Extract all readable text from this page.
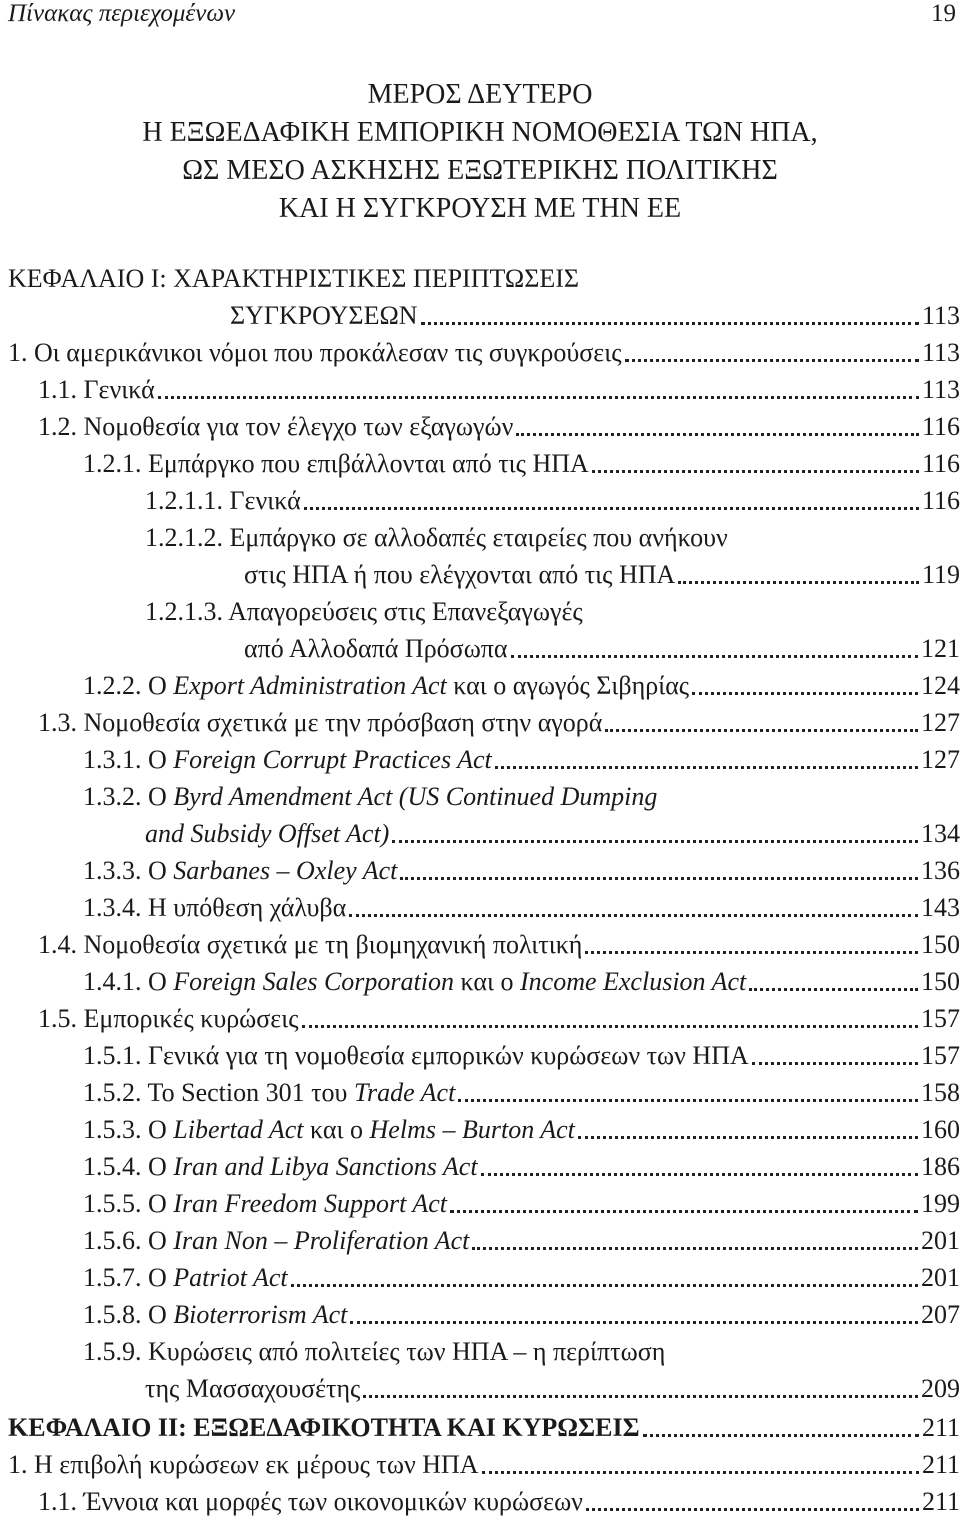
Πίνακας περιεχομένων	19
ΜΕΡΟΣ ΔΕΥΤΕΡΟ
Η ΕΞΩΕΔΑΦΙΚΗ ΕΜΠΟΡΙΚΗ ΝΟΜΟΘΕΣΙΑ ΤΩΝ ΗΠΑ,
ΩΣ ΜΕΣΟ ΑΣΚΗΣΗΣ ΕΞΩΤΕΡΙΚΗΣ ΠΟΛΙΤΙΚΗΣ
ΚΑΙ Η ΣΥΓΚΡΟΥΣΗ ΜΕ ΤΗΝ ΕΕ
ΚΕΦΑΛΑΙΟ Ι: ΧΑΡΑΚΤΗΡΙΣΤΙΚΕΣ ΠΕΡΙΠΤΩΣΕΙΣ
ΣΥΓΚΡΟΥΣΕΩΝ	113
1. Οι αμερικάνικοι νόμοι που προκάλεσαν τις συγκρούσεις	113
1.1. Γενικά	113
1.2. Νομοθεσία για τον έλεγχο των εξαγωγών	116
1.2.1. Εμπάργκο που επιβάλλονται από τις ΗΠΑ	116
1.2.1.1. Γενικά	116
1.2.1.2. Εμπάργκο σε αλλοδαπές εταιρείες που ανήκουν
στις ΗΠΑ ή που ελέγχονται από τις ΗΠΑ	119
1.2.1.3. Απαγορεύσεις στις Επανεξαγωγές
από Αλλοδαπά Πρόσωπα	121
1.2.2. Ο Export Administration Act και ο αγωγός Σιβηρίας	124
1.3. Νομοθεσία σχετικά με την πρόσβαση στην αγορά	127
1.3.1. Ο Foreign Corrupt Practices Act	127
1.3.2. Ο Byrd Amendment Act (US Continued Dumping
and Subsidy Offset Act)	134
1.3.3. Ο Sarbanes – Oxley Act	136
1.3.4. Η υπόθεση χάλυβα	143
1.4. Νομοθεσία σχετικά με τη βιομηχανική πολιτική	150
1.4.1. Ο Foreign Sales Corporation και ο Income Exclusion Act	150
1.5. Εμπορικές κυρώσεις	157
1.5.1. Γενικά για τη νομοθεσία εμπορικών κυρώσεων των ΗΠΑ	157
1.5.2. Το Section 301 του Trade Act	158
1.5.3. Ο Libertad Act και ο Helms – Burton Act	160
1.5.4. Ο Iran and Libya Sanctions Act	186
1.5.5. Ο Iran Freedom Support Act	199
1.5.6. Ο Iran Non – Proliferation Act	201
1.5.7. Ο Patriot Act	201
1.5.8. Ο Bioterrorism Act	207
1.5.9. Κυρώσεις από πολιτείες των ΗΠΑ – η περίπτωση
της Μασσαχουσέτης	209
ΚΕΦΑΛΑΙΟ ΙΙ: ΕΞΩΕΔΑΦΙΚΟΤΗΤΑ ΚΑΙ ΚΥΡΩΣΕΙΣ	211
1. Η επιβολή κυρώσεων εκ μέρους των ΗΠΑ	211
1.1. Έννοια και μορφές των οικονομικών κυρώσεων	211
